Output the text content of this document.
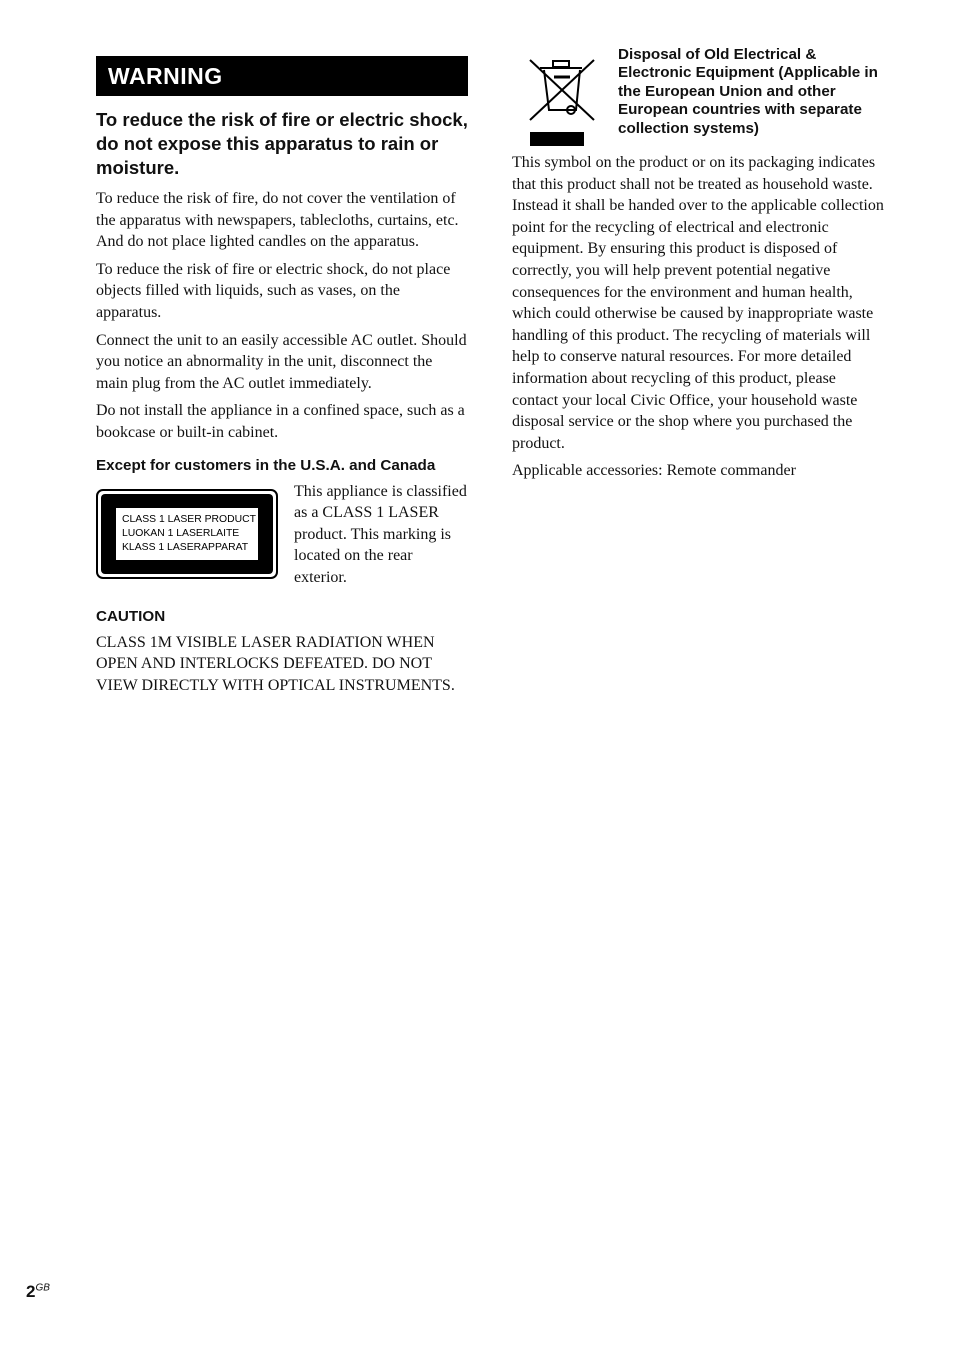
WARNING
To reduce the risk of fire or electric shock, do not expose this apparatus to rain or moisture.

To reduce the risk of fire, do not cover the ventilation of the apparatus with newspapers, tablecloths, curtains, etc. And do not place lighted candles on the apparatus.

To reduce the risk of fire or electric shock, do not place objects filled with liquids, such as vases, on the apparatus.

Connect the unit to an easily accessible AC outlet. Should you notice an abnormality in the unit, disconnect the main plug from the AC outlet immediately.

Do not install the appliance in a confined space, such as a bookcase or built-in cabinet.

Except for customers in the U.S.A. and Canada
CLASS 1 LASER PRODUCT
LUOKAN 1 LASERLAITE
KLASS 1 LASERAPPARAT
This appliance is classified as a CLASS 1 LASER product. This marking is located on the rear exterior.
CAUTION

CLASS 1M VISIBLE LASER RADIATION WHEN OPEN AND INTERLOCKS DEFEATED. DO NOT VIEW DIRECTLY WITH OPTICAL INSTRUMENTS.

Disposal of Old Electrical & Electronic Equipment (Applicable in the European Union and other European countries with separate collection systems)

This symbol on the product or on its packaging indicates that this product shall not be treated as household waste. Instead it shall be handed over to the applicable collection point for the recycling of electrical and electronic equipment. By ensuring this product is disposed of correctly, you will help prevent potential negative consequences for the environment and human health, which could otherwise be caused by inappropriate waste handling of this product. The recycling of materials will help to conserve natural resources. For more detailed information about recycling of this product, please contact your local Civic Office, your household waste disposal service or the shop where you purchased the product.

Applicable accessories: Remote commander

$2^{GB}$
